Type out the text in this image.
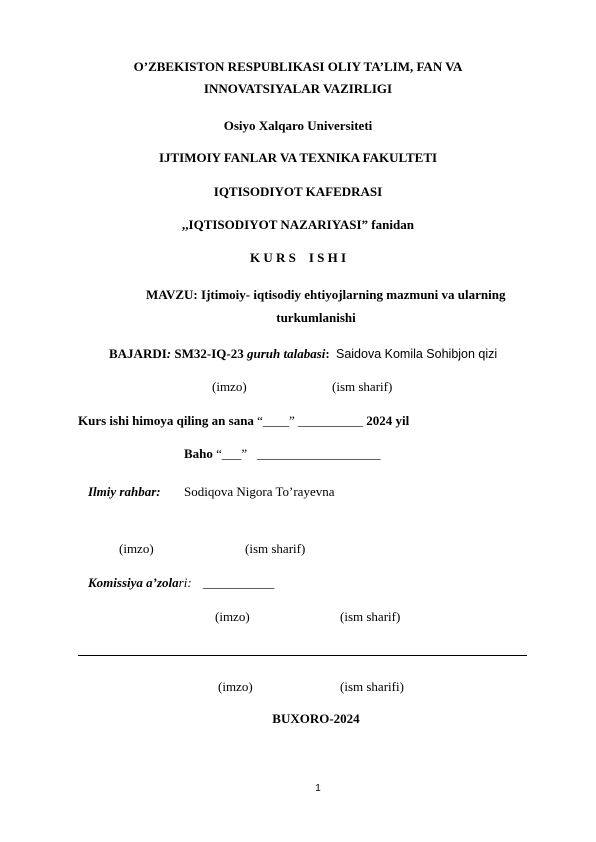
O’ZBEKISTON RESPUBLIKASI OLIY TA’LIM, FAN VA
INNOVATSIYALAR VAZIRLIGI
Osiyo Xalqaro Universiteti
IJTIMOIY FANLAR VA TEXNIKA FAKULTETI
IQTISODIYOT KAFEDRASI
,,IQTISODIYOT NAZARIYASI” fanidan
K U R S    I S H I
MAVZU: Ijtimoiy- iqtisodiy ehtiyojlarning mazmuni va ularning
turkumlanishi
BAJARDI: SM32-IQ-23 guruh talabasi: Saidova Komila Sohibjon qizi
(imzo)	(ism sharif)
Kurs ishi himoya qiling an sana “____” __________ 2024 yil
Baho “___”   ___________________
Ilmiy rahbar: Sodiqova Nigora To’rayevna
(imzo)	(ism sharif)
Komissiya a’zolari: ___________
(imzo)	(ism sharif)
(imzo)	(ism sharifi)
BUXORO-2024
1
